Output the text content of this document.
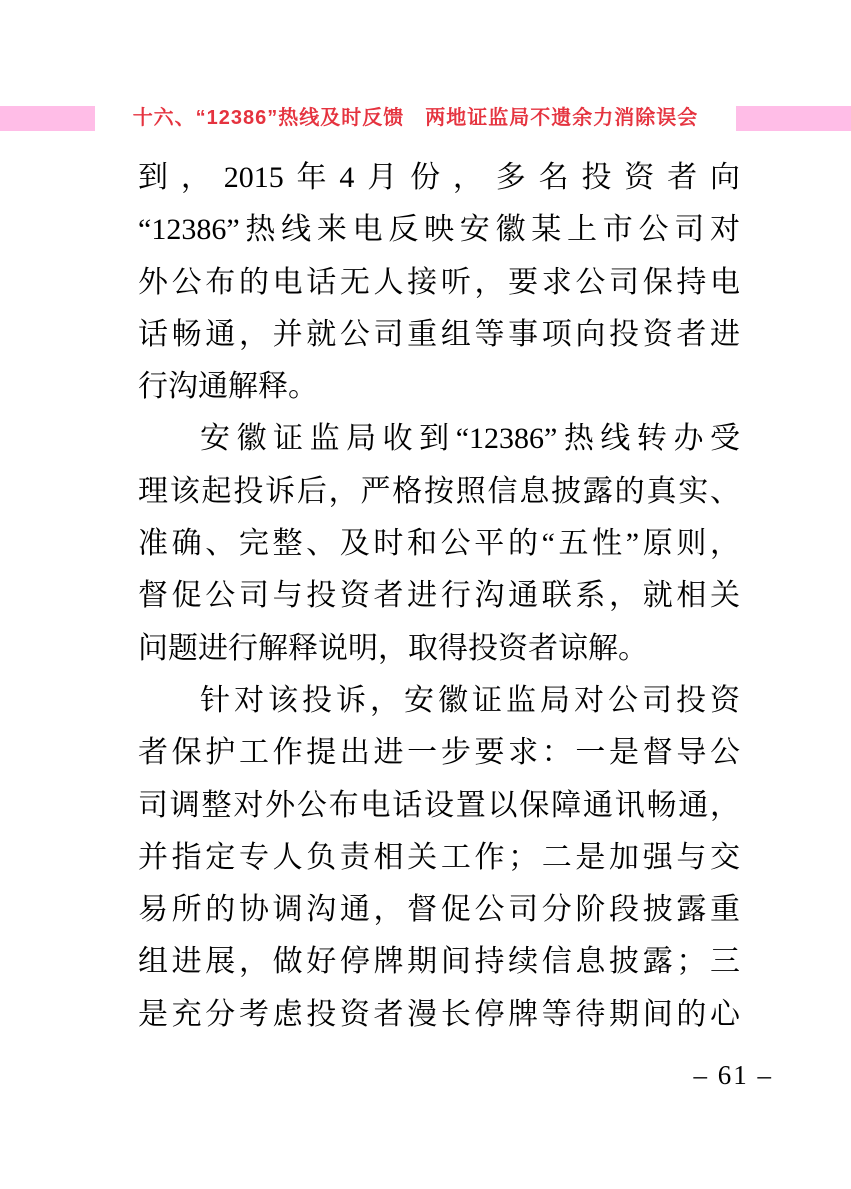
十六、“12386”热线及时反馈　两地证监局不遗余力消除误会
到，2015年4月份，多名投资者向
“12386”热线来电反映安徽某上市公司对
外公布的电话无人接听，要求公司保持电
话畅通，并就公司重组等事项向投资者进
行沟通解释。
安徽证监局收到“12386”热线转办受
理该起投诉后，严格按照信息披露的真实、
准确、完整、及时和公平的“五性”原则，
督促公司与投资者进行沟通联系，就相关
问题进行解释说明，取得投资者谅解。
针对该投诉，安徽证监局对公司投资
者保护工作提出进一步要求：一是督导公
司调整对外公布电话设置以保障通讯畅通，
并指定专人负责相关工作；二是加强与交
易所的协调沟通，督促公司分阶段披露重
组进展，做好停牌期间持续信息披露；三
是充分考虑投资者漫长停牌等待期间的心
– 61 –
